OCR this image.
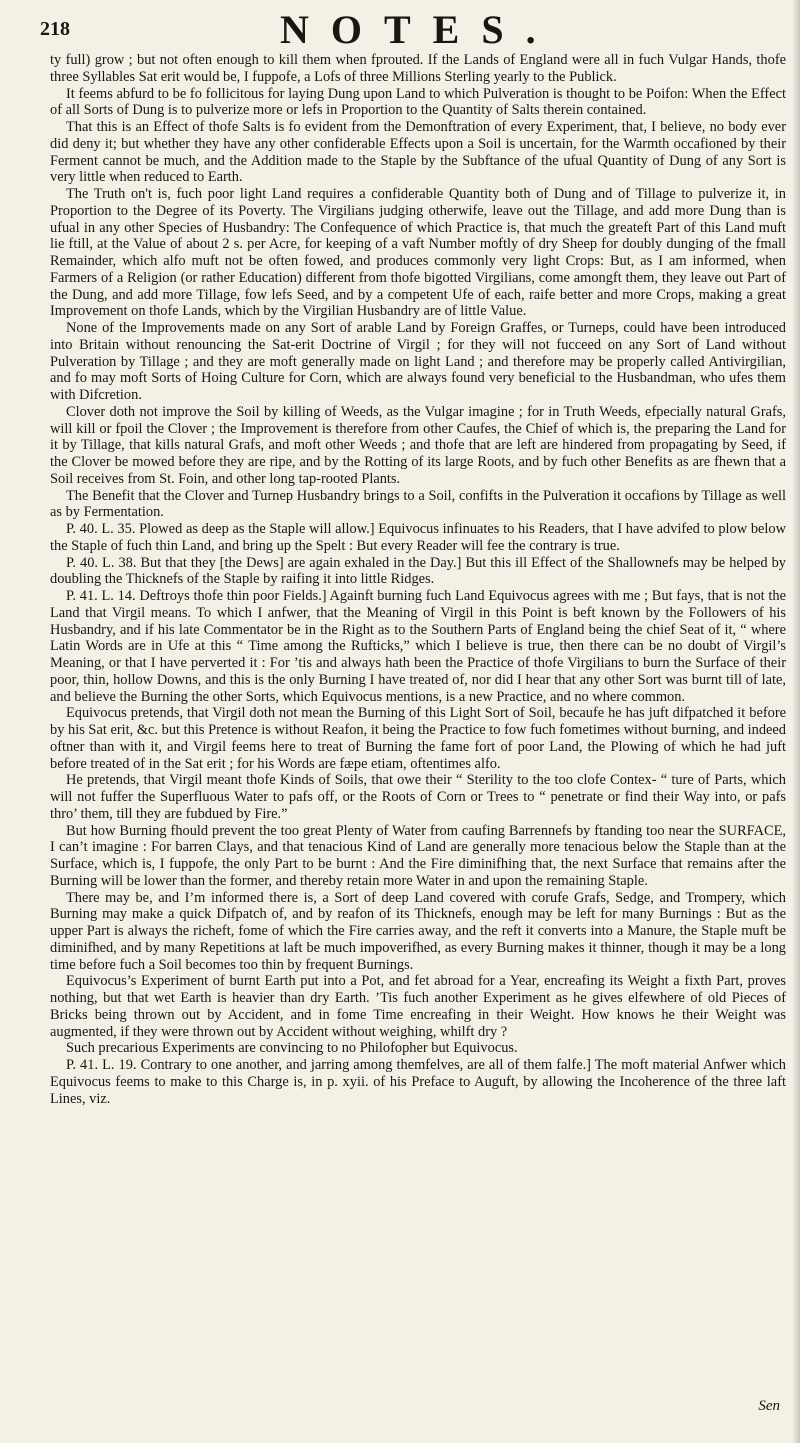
218	NOTES.

ty full) grow ; but not often enough to kill them when fprouted. If the Lands of England were all in fuch Vulgar Hands, thofe three Syllables Sat erit would be, I fuppofe, a Lofs of three Millions Sterling yearly to the Publick.

It feems abfurd to be fo follicitous for laying Dung upon Land to which Pulveration is thought to be Poifon: When the Effect of all Sorts of Dung is to pulverize more or lefs in Proportion to the Quantity of Salts therein contained.

That this is an Effect of thofe Salts is fo evident from the Demonftration of every Experiment, that, I believe, no body ever did deny it; but whether they have any other confiderable Effects upon a Soil is uncertain, for the Warmth occafioned by their Ferment cannot be much, and the Addition made to the Staple by the Subftance of the ufual Quantity of Dung of any Sort is very little when reduced to Earth.

The Truth on't is, fuch poor light Land requires a confiderable Quantity both of Dung and of Tillage to pulverize it, in Proportion to the Degree of its Poverty. The Virgilians judging otherwife, leave out the Tillage, and add more Dung than is ufual in any other Species of Husbandry: The Confequence of which Practice is, that much the greateft Part of this Land muft lie ftill, at the Value of about 2 s. per Acre, for keeping of a vaft Number moftly of dry Sheep for doubly dunging of the fmall Remainder, which alfo muft not be often fowed, and produces commonly very light Crops: But, as I am informed, when Farmers of a Religion (or rather Education) different from thofe bigotted Virgilians, come amongft them, they leave out Part of the Dung, and add more Tillage, fow lefs Seed, and by a competent Ufe of each, raife better and more Crops, making a great Improvement on thofe Lands, which by the Virgilian Husbandry are of little Value.

None of the Improvements made on any Sort of arable Land by Foreign Graffes, or Turneps, could have been introduced into Britain without renouncing the Sat-erit Doctrine of Virgil ; for they will not fucceed on any Sort of Land without Pulveration by Tillage ; and they are moft generally made on light Land ; and therefore may be properly called Antivirgilian, and fo may moft Sorts of Hoing Culture for Corn, which are always found very beneficial to the Husbandman, who ufes them with Difcretion.

Clover doth not improve the Soil by killing of Weeds, as the Vulgar imagine ; for in Truth Weeds, efpecially natural Grafs, will kill or fpoil the Clover ; the Improvement is therefore from other Caufes, the Chief of which is, the preparing the Land for it by Tillage, that kills natural Grafs, and moft other Weeds ; and thofe that are left are hindered from propagating by Seed, if the Clover be mowed before they are ripe, and by the Rotting of its large Roots, and by fuch other Benefits as are fhewn that a Soil receives from St. Foin, and other long tap-rooted Plants.

The Benefit that the Clover and Turnep Husbandry brings to a Soil, confifts in the Pulveration it occafions by Tillage as well as by Fermentation.

P. 40. L. 35. Plowed as deep as the Staple will allow.] Equivocus infinuates to his Readers, that I have advifed to plow below the Staple of fuch thin Land, and bring up the Spelt : But every Reader will fee the contrary is true.

P. 40. L. 38. But that they [the Dews] are again exhaled in the Day.] But this ill Effect of the Shallownefs may be helped by doubling the Thicknefs of the Staple by raifing it into little Ridges.

P. 41. L. 14. Deftroys thofe thin poor Fields.] Againft burning fuch Land Equivocus agrees with me ; But fays, that is not the Land that Virgil means. To which I anfwer, that the Meaning of Virgil in this Point is beft known by the Followers of his Husbandry, and if his late Commentator be in the Right as to the Southern Parts of England being the chief Seat of it, “ where Latin Words are in Ufe at this “ Time among the Rufticks,” which I believe is true, then there can be no doubt of Virgil’s Meaning, or that I have perverted it : For ’tis and always hath been the Practice of thofe Virgilians to burn the Surface of their poor, thin, hollow Downs, and this is the only Burning I have treated of, nor did I hear that any other Sort was burnt till of late, and believe the Burning the other Sorts, which Equivocus mentions, is a new Practice, and no where common.

Equivocus pretends, that Virgil doth not mean the Burning of this Light Sort of Soil, becaufe he has juft difpatched it before by his Sat erit, &c. but this Pretence is without Reafon, it being the Practice to fow fuch fometimes without burning, and indeed oftner than with it, and Virgil feems here to treat of Burning the fame fort of poor Land, the Plowing of which he had juft before treated of in the Sat erit ; for his Words are fæpe etiam, oftentimes alfo.

He pretends, that Virgil meant thofe Kinds of Soils, that owe their “ Sterility to the too clofe Contex- “ ture of Parts, which will not fuffer the Superfluous Water to pafs off, or the Roots of Corn or Trees to “ penetrate or find their Way into, or pafs thro’ them, till they are fubdued by Fire.”

But how Burning fhould prevent the too great Plenty of Water from caufing Barrennefs by ftanding too near the SURFACE, I can’t imagine : For barren Clays, and that tenacious Kind of Land are generally more tenacious below the Staple than at the Surface, which is, I fuppofe, the only Part to be burnt : And the Fire diminifhing that, the next Surface that remains after the Burning will be lower than the former, and thereby retain more Water in and upon the remaining Staple.

There may be, and I’m informed there is, a Sort of deep Land covered with corufe Grafs, Sedge, and Trompery, which Burning may make a quick Difpatch of, and by reafon of its Thicknefs, enough may be left for many Burnings : But as the upper Part is always the richeft, fome of which the Fire carries away, and the reft it converts into a Manure, the Staple muft be diminifhed, and by many Repetitions at laft be much impoverifhed, as every Burning makes it thinner, though it may be a long time before fuch a Soil becomes too thin by frequent Burnings.

Equivocus’s Experiment of burnt Earth put into a Pot, and fet abroad for a Year, encreafing its Weight a fixth Part, proves nothing, but that wet Earth is heavier than dry Earth. ’Tis fuch another Experiment as he gives elfewhere of old Pieces of Bricks being thrown out by Accident, and in fome Time encreafing in their Weight. How knows he their Weight was augmented, if they were thrown out by Accident without weighing, whilft dry ?

Such precarious Experiments are convincing to no Philofopher but Equivocus.

P. 41. L. 19. Contrary to one another, and jarring among themfelves, are all of them falfe.] The moft material Anfwer which Equivocus feems to make to this Charge is, in p. xyii. of his Preface to Auguft, by allowing the Incoherence of the three laft Lines, viz.

Sen
